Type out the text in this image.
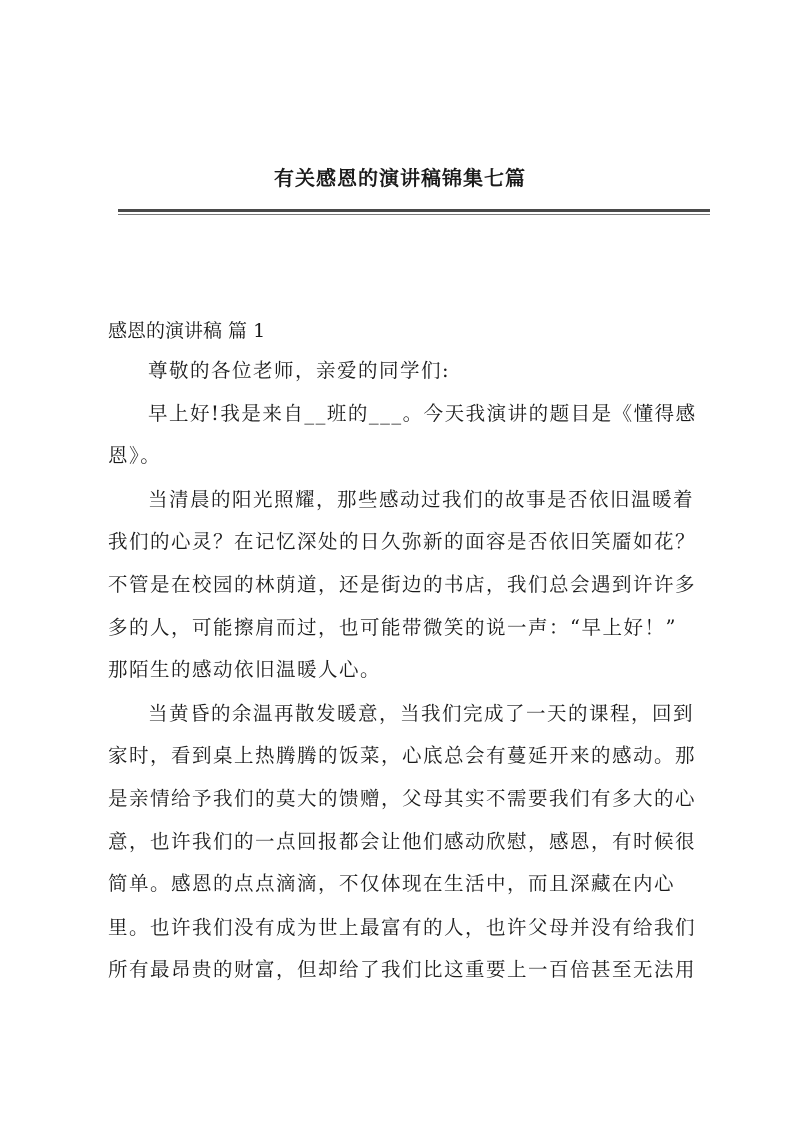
有关感恩的演讲稿锦集七篇
感恩的演讲稿 篇 1
尊敬的各位老师，亲爱的同学们:
早上好!我是来自__班的___。今天我演讲的题目是《懂得感
恩》。
当清晨的阳光照耀，那些感动过我们的故事是否依旧温暖着
我们的心灵？在记忆深处的日久弥新的面容是否依旧笑靥如花？
不管是在校园的林荫道，还是街边的书店，我们总会遇到许许多
多的人，可能擦肩而过，也可能带微笑的说一声：“早上好！”
那陌生的感动依旧温暖人心。
当黄昏的余温再散发暖意，当我们完成了一天的课程，回到
家时，看到桌上热腾腾的饭菜，心底总会有蔓延开来的感动。那
是亲情给予我们的莫大的馈赠，父母其实不需要我们有多大的心
意，也许我们的一点回报都会让他们感动欣慰，感恩，有时候很
简单。感恩的点点滴滴，不仅体现在生活中，而且深藏在内心
里。也许我们没有成为世上最富有的人，也许父母并没有给我们
所有最昂贵的财富，但却给了我们比这重要上一百倍甚至无法用
